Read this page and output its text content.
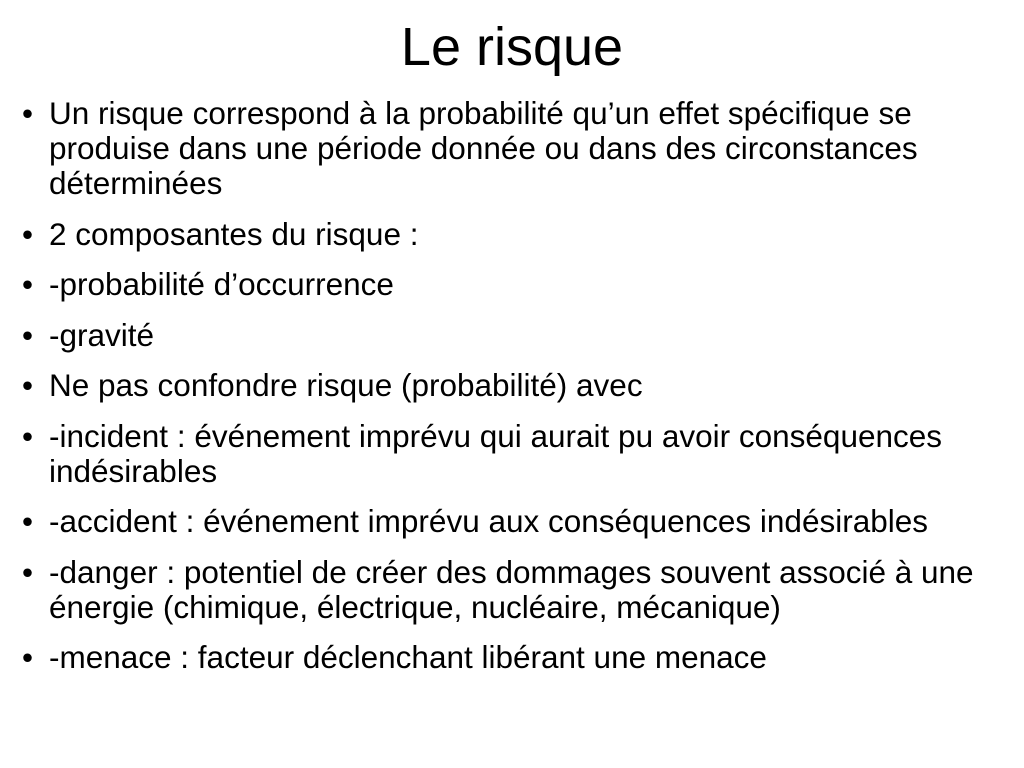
Le risque
• Un risque correspond à la probabilité qu’un effet spécifique se produise dans une période donnée ou dans des circonstances déterminées
• 2 composantes du risque :
• -probabilité d’occurrence
• -gravité
• Ne pas confondre risque (probabilité) avec
• -incident : événement imprévu qui aurait pu avoir conséquences indésirables
• -accident : événement imprévu aux conséquences indésirables
• -danger : potentiel de créer des dommages souvent associé à une énergie (chimique, électrique, nucléaire, mécanique)
• -menace : facteur déclenchant libérant une menace
